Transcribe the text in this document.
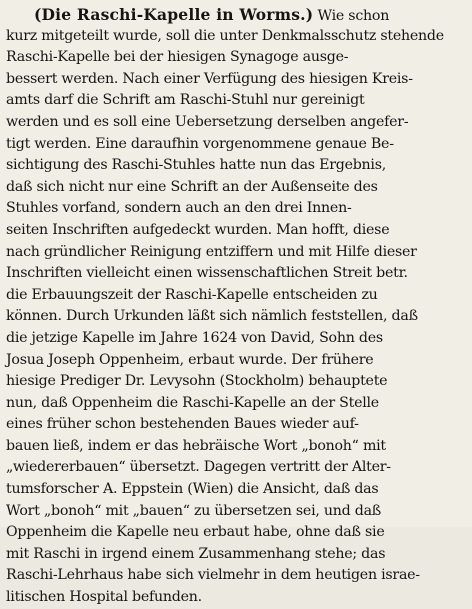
(Die Raschi-Kapelle in Worms.) Wie schon
kurz mitgeteilt wurde, soll die unter Denkmalsschutz stehende
Raschi-Kapelle bei der hiesigen Synagoge ausge-
bessert werden. Nach einer Verfügung des hiesigen Kreis-
amts darf die Schrift am Raschi-Stuhl nur gereinigt
werden und es soll eine Uebersetzung derselben angefer-
tigt werden. Eine daraufhin vorgenommene genaue Be-
sichtigung des Raschi-Stuhles hatte nun das Ergebnis,
daß sich nicht nur eine Schrift an der Außenseite des
Stuhles vorfand, sondern auch an den drei Innen-
seiten Inschriften aufgedeckt wurden. Man hofft, diese
nach gründlicher Reinigung entziffern und mit Hilfe dieser
Inschriften vielleicht einen wissenschaftlichen Streit betr.
die Erbauungszeit der Raschi-Kapelle entscheiden zu
können. Durch Urkunden läßt sich nämlich feststellen, daß
die jetzige Kapelle im Jahre 1624 von David, Sohn des
Josua Joseph Oppenheim, erbaut wurde. Der frühere
hiesige Prediger Dr. Levysohn (Stockholm) behauptete
nun, daß Oppenheim die Raschi-Kapelle an der Stelle
eines früher schon bestehenden Baues wieder auf-
bauen ließ, indem er das hebräische Wort „bonoh“ mit
„wiedererbauen“ übersetzt. Dagegen vertritt der Alter-
tumsforscher A. Eppstein (Wien) die Ansicht, daß das
Wort „bonoh“ mit „bauen“ zu übersetzen sei, und daß
Oppenheim die Kapelle neu erbaut habe, ohne daß sie
mit Raschi in irgend einem Zusammenhang stehe; das
Raschi-Lehrhaus habe sich vielmehr in dem heutigen israe-
litischen Hospital befunden.
